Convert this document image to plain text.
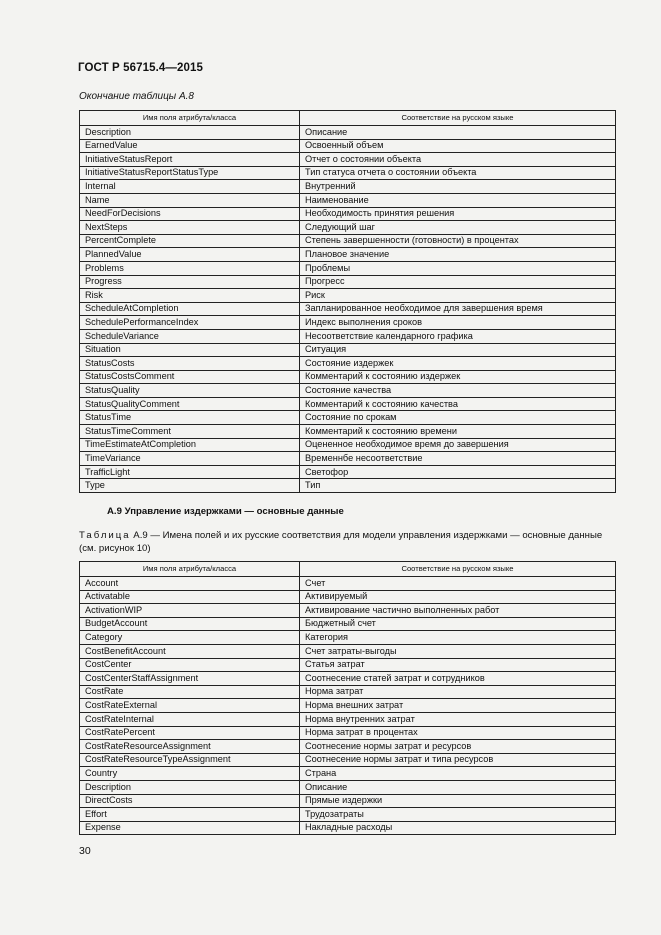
ГОСТ Р 56715.4—2015
Окончание таблицы А.8
Имя поля атрибута/класса	Соответствие на русском языке
Description	Описание
EarnedValue	Освоенный объем
InitiativeStatusReport	Отчет о состоянии объекта
InitiativeStatusReportStatusType	Тип статуса отчета о состоянии объекта
Internal	Внутренний
Name	Наименование
NeedForDecisions	Необходимость принятия решения
NextSteps	Следующий шаг
PercentComplete	Степень завершенности (готовности) в процентах
PlannedValue	Плановое значение
Problems	Проблемы
Progress	Прогресс
Risk	Риск
ScheduleAtCompletion	Запланированное необходимое для завершения время
SchedulePerformanceIndex	Индекс выполнения сроков
ScheduleVariance	Несоответствие календарного графика
Situation	Ситуация
StatusCosts	Состояние издержек
StatusCostsComment	Комментарий к состоянию издержек
StatusQuality	Состояние качества
StatusQualityComment	Комментарий к состоянию качества
StatusTime	Состояние по срокам
StatusTimeComment	Комментарий к состоянию времени
TimeEstimateAtCompletion	Оцененное необходимое время до завершения
TimeVariance	Временнбе несоответствие
TrafficLight	Светофор
Type	Тип
А.9 Управление издержками — основные данные
Таблица А.9 — Имена полей и их русские соответствия для модели управления издержками — основные данные (см. рисунок 10)
Имя поля атрибута/класса	Соответствие на русском языке
Account	Счет
Activatable	Активируемый
ActivationWIP	Активирование частично выполненных работ
BudgetAccount	Бюджетный счет
Category	Категория
CostBenefitAccount	Счет затраты-выгоды
CostCenter	Статья затрат
CostCenterStaffAssignment	Соотнесение статей затрат и сотрудников
CostRate	Норма затрат
CostRateExternal	Норма внешних затрат
CostRateInternal	Норма внутренних затрат
CostRatePercent	Норма затрат в процентах
CostRateResourceAssignment	Соотнесение нормы затрат и ресурсов
CostRateResourceTypeAssignment	Соотнесение нормы затрат и типа ресурсов
Country	Страна
Description	Описание
DirectCosts	Прямые издержки
Effort	Трудозатраты
Expense	Накладные расходы
30
